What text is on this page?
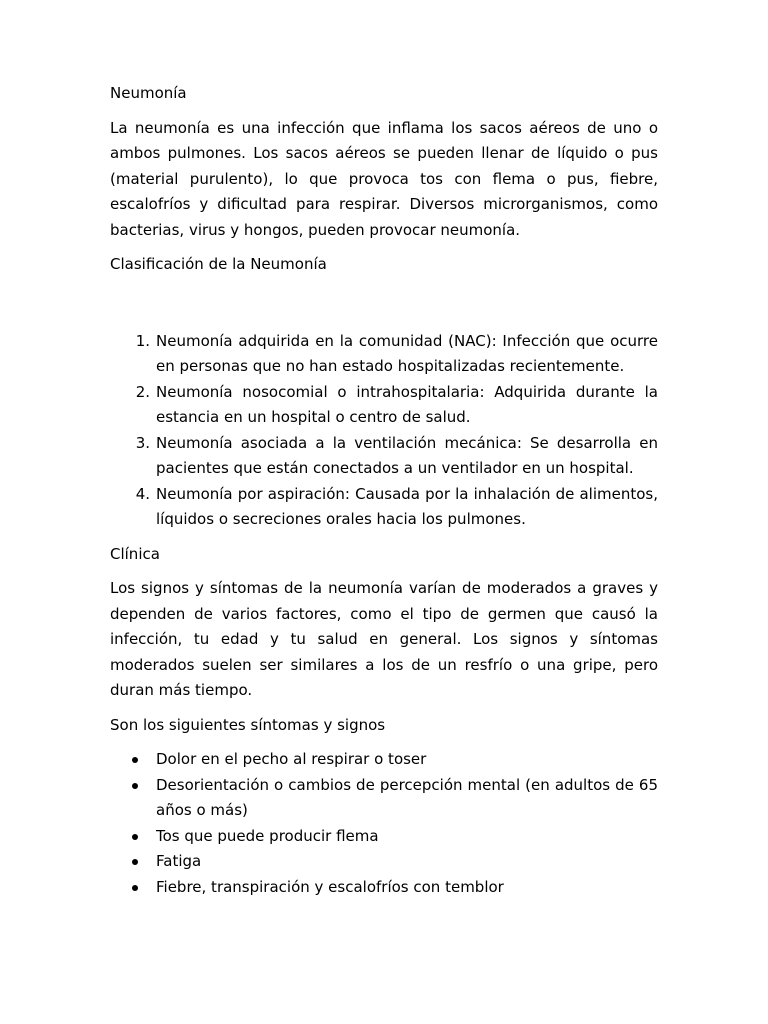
Neumonía

La neumonía es una infección que inflama los sacos aéreos de uno o ambos pulmones. Los sacos aéreos se pueden llenar de líquido o pus (material purulento), lo que provoca tos con flema o pus, fiebre, escalofríos y dificultad para respirar. Diversos microrganismos, como bacterias, virus y hongos, pueden provocar neumonía.

Clasificación de la Neumonía

1. Neumonía adquirida en la comunidad (NAC): Infección que ocurre en personas que no han estado hospitalizadas recientemente.
2. Neumonía nosocomial o intrahospitalaria: Adquirida durante la estancia en un hospital o centro de salud.
3. Neumonía asociada a la ventilación mecánica: Se desarrolla en pacientes que están conectados a un ventilador en un hospital.
4. Neumonía por aspiración: Causada por la inhalación de alimentos, líquidos o secreciones orales hacia los pulmones.

Clínica

Los signos y síntomas de la neumonía varían de moderados a graves y dependen de varios factores, como el tipo de germen que causó la infección, tu edad y tu salud en general. Los signos y síntomas moderados suelen ser similares a los de un resfrío o una gripe, pero duran más tiempo.

Son los siguientes síntomas y signos

Dolor en el pecho al respirar o toser
Desorientación o cambios de percepción mental (en adultos de 65 años o más)
Tos que puede producir flema
Fatiga
Fiebre, transpiración y escalofríos con temblor
